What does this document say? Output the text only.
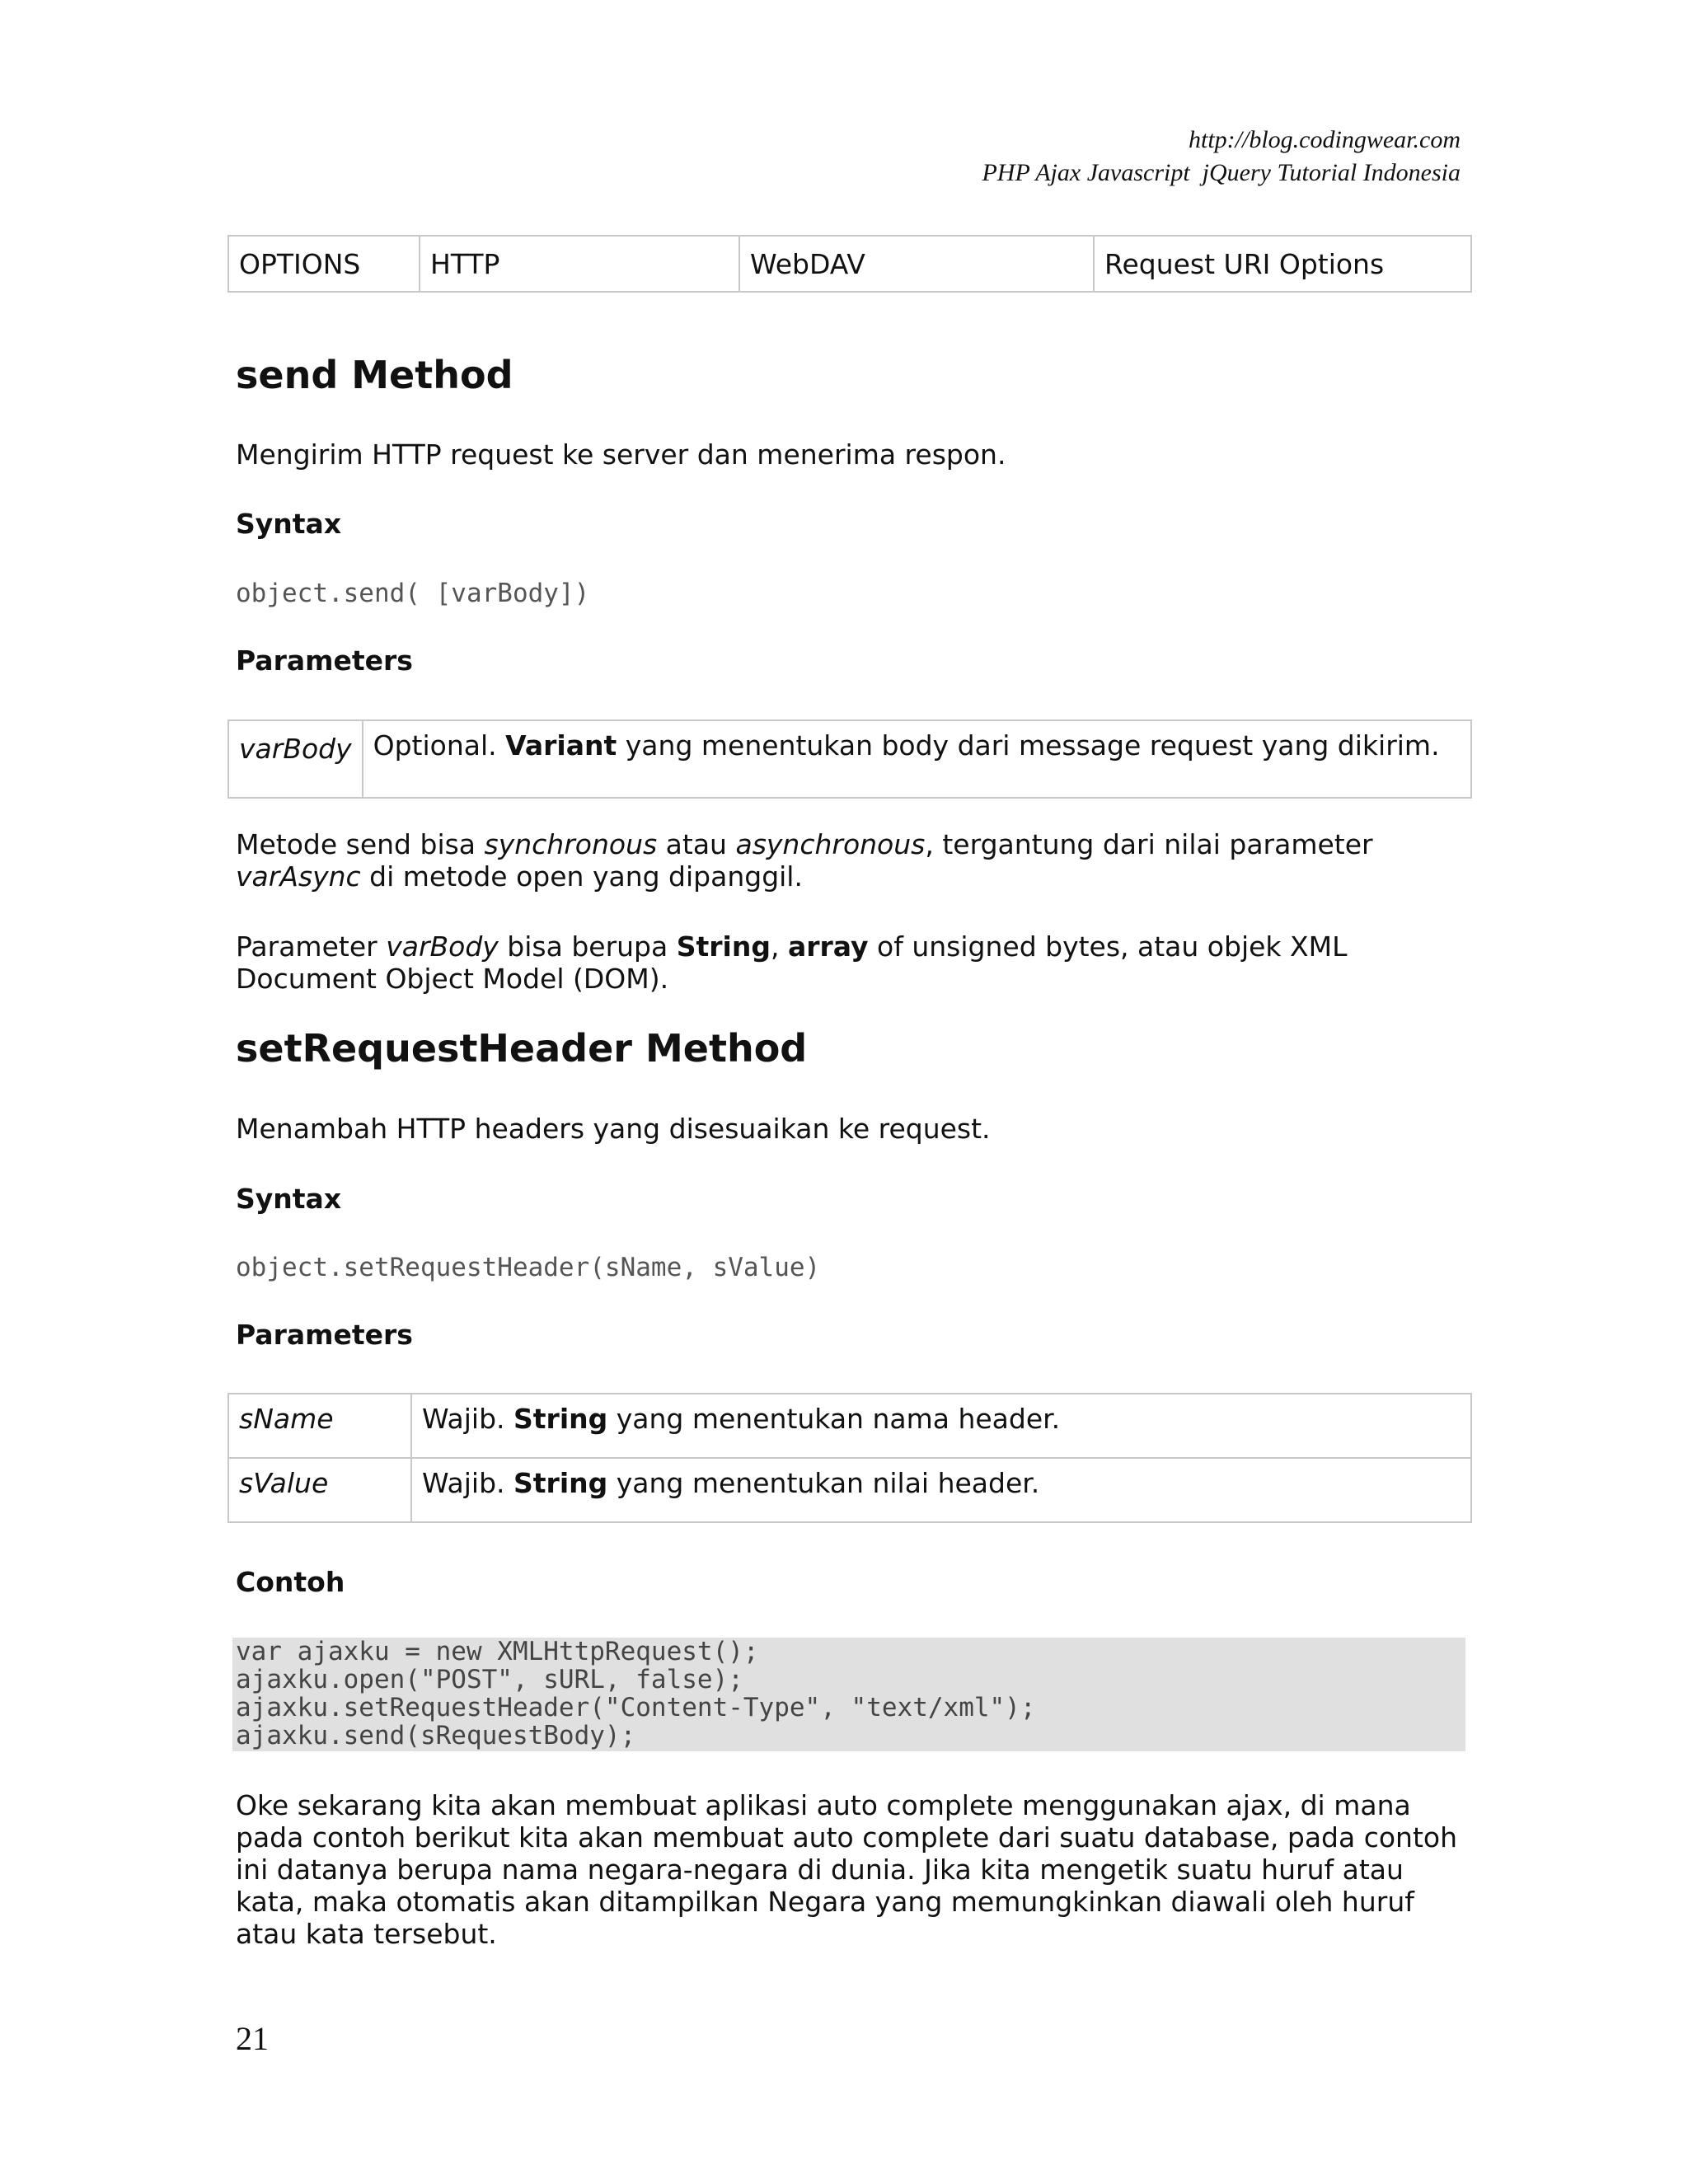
http://blog.codingwear.com
PHP Ajax Javascript  jQuery Tutorial Indonesia
OPTIONS	HTTP	WebDAV	Request URI Options
send Method

Mengirim HTTP request ke server dan menerima respon.

Syntax

object.send( [varBody])

Parameters

varBody	Optional. Variant yang menentukan body dari message request yang dikirim.

Metode send bisa synchronous atau asynchronous, tergantung dari nilai parameter varAsync di metode open yang dipanggil.

Parameter varBody bisa berupa String, array of unsigned bytes, atau objek XML Document Object Model (DOM).

setRequestHeader Method

Menambah HTTP headers yang disesuaikan ke request.

Syntax

object.setRequestHeader(sName, sValue)

Parameters

sName	Wajib. String yang menentukan nama header.
sValue	Wajib. String yang menentukan nilai header.

Contoh

var ajaxku = new XMLHttpRequest();
ajaxku.open("POST", sURL, false);
ajaxku.setRequestHeader("Content-Type", "text/xml");
ajaxku.send(sRequestBody);

Oke sekarang kita akan membuat aplikasi auto complete menggunakan ajax, di mana pada contoh berikut kita akan membuat auto complete dari suatu database, pada contoh ini datanya berupa nama negara-negara di dunia. Jika kita mengetik suatu huruf atau kata, maka otomatis akan ditampilkan Negara yang memungkinkan diawali oleh huruf atau kata tersebut.

21
